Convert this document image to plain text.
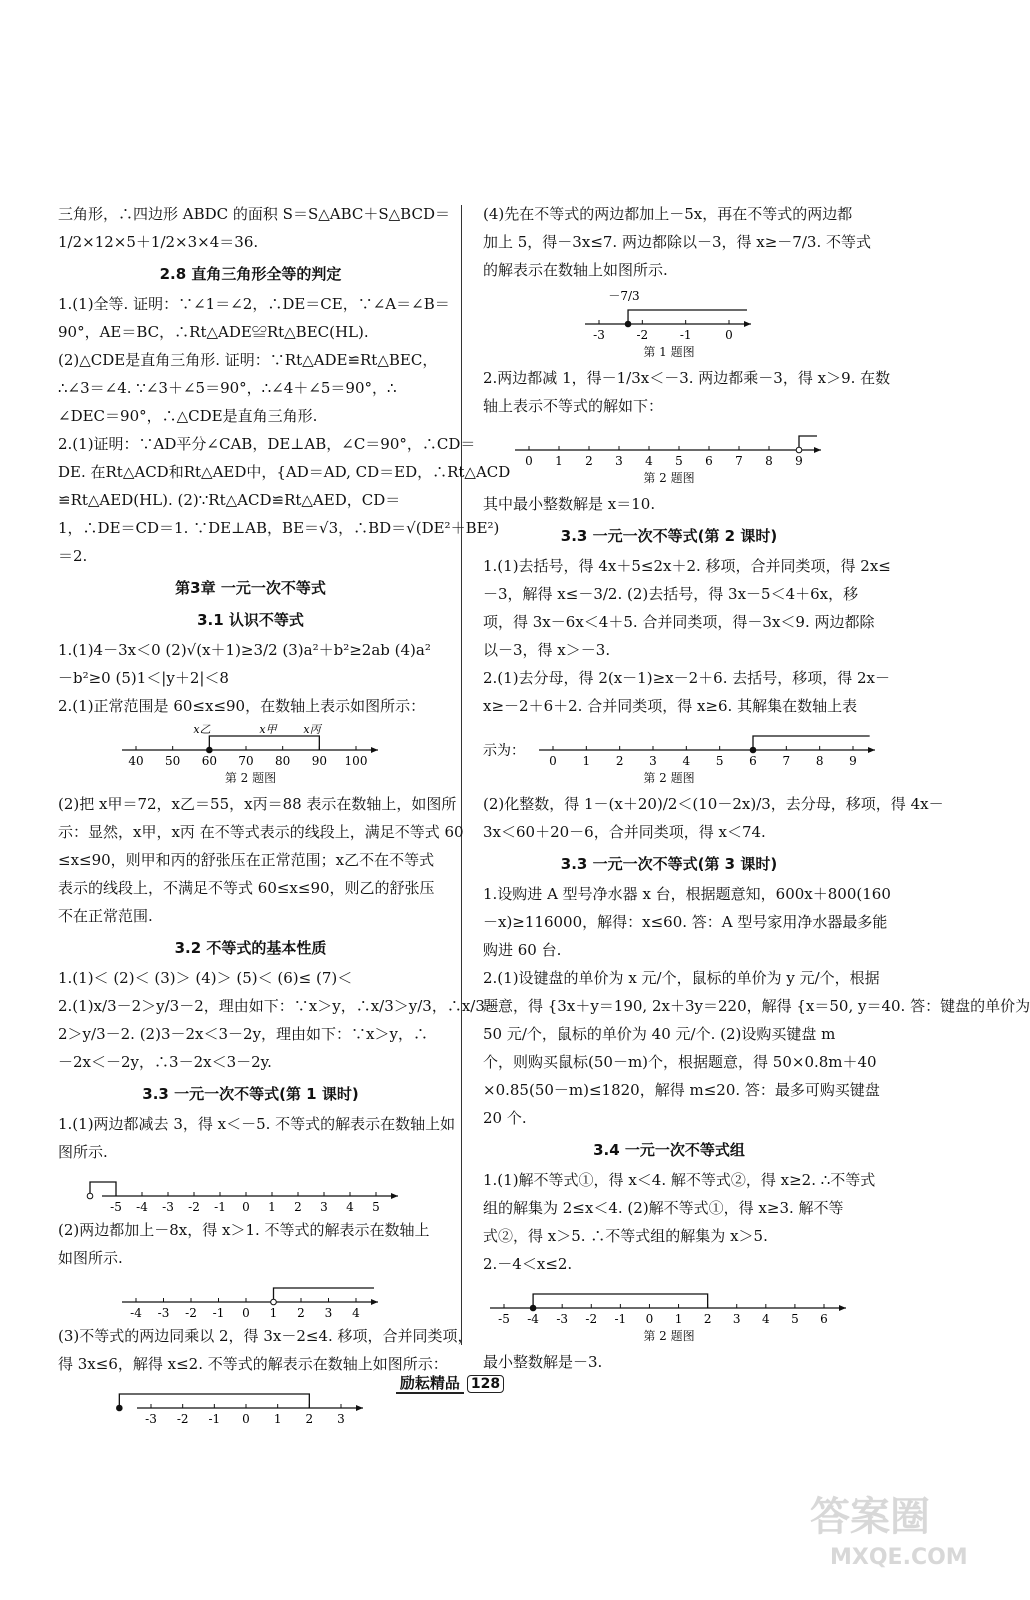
三角形，∴四边形 ABDC 的面积 S＝S△ABC＋S△BCD＝
1/2×12×5＋1/2×3×4＝36.
2.8 直角三角形全等的判定
1.(1)全等. 证明：∵∠1＝∠2，∴DE＝CE，∵∠A＝∠B＝
90°，AE＝BC，∴Rt△ADE≌Rt△BEC(HL).
(2)△CDE是直角三角形. 证明：∵Rt△ADE≌Rt△BEC，
∴∠3＝∠4. ∵∠3＋∠5＝90°，∴∠4＋∠5＝90°，∴
∠DEC＝90°，∴△CDE是直角三角形.
2.(1)证明：∵AD平分∠CAB，DE⊥AB，∠C＝90°，∴CD＝
DE. 在Rt△ACD和Rt△AED中，{AD＝AD, CD＝ED，∴Rt△ACD
≌Rt△AED(HL). (2)∵Rt△ACD≌Rt△AED，CD＝
1，∴DE＝CD＝1. ∵DE⊥AB，BE＝√3，∴BD＝√(DE²＋BE²)
＝2.
第3章 一元一次不等式
3.1 认识不等式
1.(1)4－3x＜0 (2)√(x＋1)≥3/2 (3)a²＋b²≥2ab (4)a²
－b²≥0 (5)1＜|y＋2|＜8
2.(1)正常范围是 60≤x≤90，在数轴上表示如图所示：
40 50 60 70 80 90 100
x乙	x甲 x丙
第 2 题图
(2)把 x甲＝72，x乙＝55，x丙＝88 表示在数轴上，如图所
示：显然，x甲，x丙 在不等式表示的线段上，满足不等式 60
≤x≤90，则甲和丙的舒张压在正常范围；x乙不在不等式
表示的线段上，不满足不等式 60≤x≤90，则乙的舒张压
不在正常范围.
3.2 不等式的基本性质
1.(1)＜ (2)＜ (3)＞ (4)＞ (5)＜ (6)≤ (7)＜
2.(1)x/3－2＞y/3－2，理由如下：∵x＞y，∴x/3＞y/3，∴x/3－
2＞y/3－2. (2)3－2x＜3－2y，理由如下：∵x＞y，∴
－2x＜－2y，∴3－2x＜3－2y.
3.3 一元一次不等式(第 1 课时)
1.(1)两边都减去 3，得 x＜－5. 不等式的解表示在数轴上如
图所示.
-5 -4 -3 -2 -1 0 1 2 3 4 5
(2)两边都加上－8x，得 x＞1. 不等式的解表示在数轴上
如图所示.
-4 -3 -2 -1 0 1 2 3 4
(3)不等式的两边同乘以 2，得 3x－2≤4. 移项，合并同类项，
得 3x≤6，解得 x≤2. 不等式的解表示在数轴上如图所示：
-3 -2 -1 0 1 2 3
(4)先在不等式的两边都加上－5x，再在不等式的两边都
加上 5，得－3x≤7. 两边都除以－3，得 x≥－7/3. 不等式
的解表示在数轴上如图所示.
-3	-2	-1	0
－7/3
第 1 题图
2.两边都减 1，得－1/3x＜－3. 两边都乘－3，得 x＞9. 在数
轴上表示不等式的解如下：
0 1 2 3 4 5 6 7 8 9
第 2 题图
其中最小整数解是 x＝10.
3.3 一元一次不等式(第 2 课时)
1.(1)去括号，得 4x＋5≤2x＋2. 移项，合并同类项，得 2x≤
－3，解得 x≤－3/2. (2)去括号，得 3x－5＜4＋6x，移
项，得 3x－6x＜4＋5. 合并同类项，得－3x＜9. 两边都除
以－3，得 x＞－3.
2.(1)去分母，得 2(x－1)≥x－2＋6. 去括号，移项，得 2x－
x≥－2＋6＋2. 合并同类项，得 x≥6. 其解集在数轴上表
示为：
0 1 2 3 4 5 6 7 8 9
第 2 题图
(2)化整数，得 1－(x＋20)/2＜(10－2x)/3，去分母，移项，得 4x－
3x＜60＋20－6，合并同类项，得 x＜74.
3.3 一元一次不等式(第 3 课时)
1.设购进 A 型号净水器 x 台，根据题意知，600x＋800(160
－x)≥116000，解得：x≤60. 答：A 型号家用净水器最多能
购进 60 台.
2.(1)设键盘的单价为 x 元/个，鼠标的单价为 y 元/个，根据
题意，得 {3x＋y＝190, 2x＋3y＝220，解得 {x＝50, y＝40. 答：键盘的单价为
50 元/个，鼠标的单价为 40 元/个. (2)设购买键盘 m
个，则购买鼠标(50－m)个，根据题意，得 50×0.8m＋40
×0.85(50－m)≤1820，解得 m≤20. 答：最多可购买键盘
20 个.
3.4 一元一次不等式组
1.(1)解不等式①，得 x＜4. 解不等式②，得 x≥2. ∴不等式
组的解集为 2≤x＜4. (2)解不等式①，得 x≥3. 解不等
式②，得 x＞5. ∴不等式组的解集为 x＞5.
2.－4＜x≤2.
-5 -4 -3 -2 -1 0 1 2 3 4 5 6
第 2 题图
最小整数解是－3.
励耘精品 128
答案圈
MXQE.COM
